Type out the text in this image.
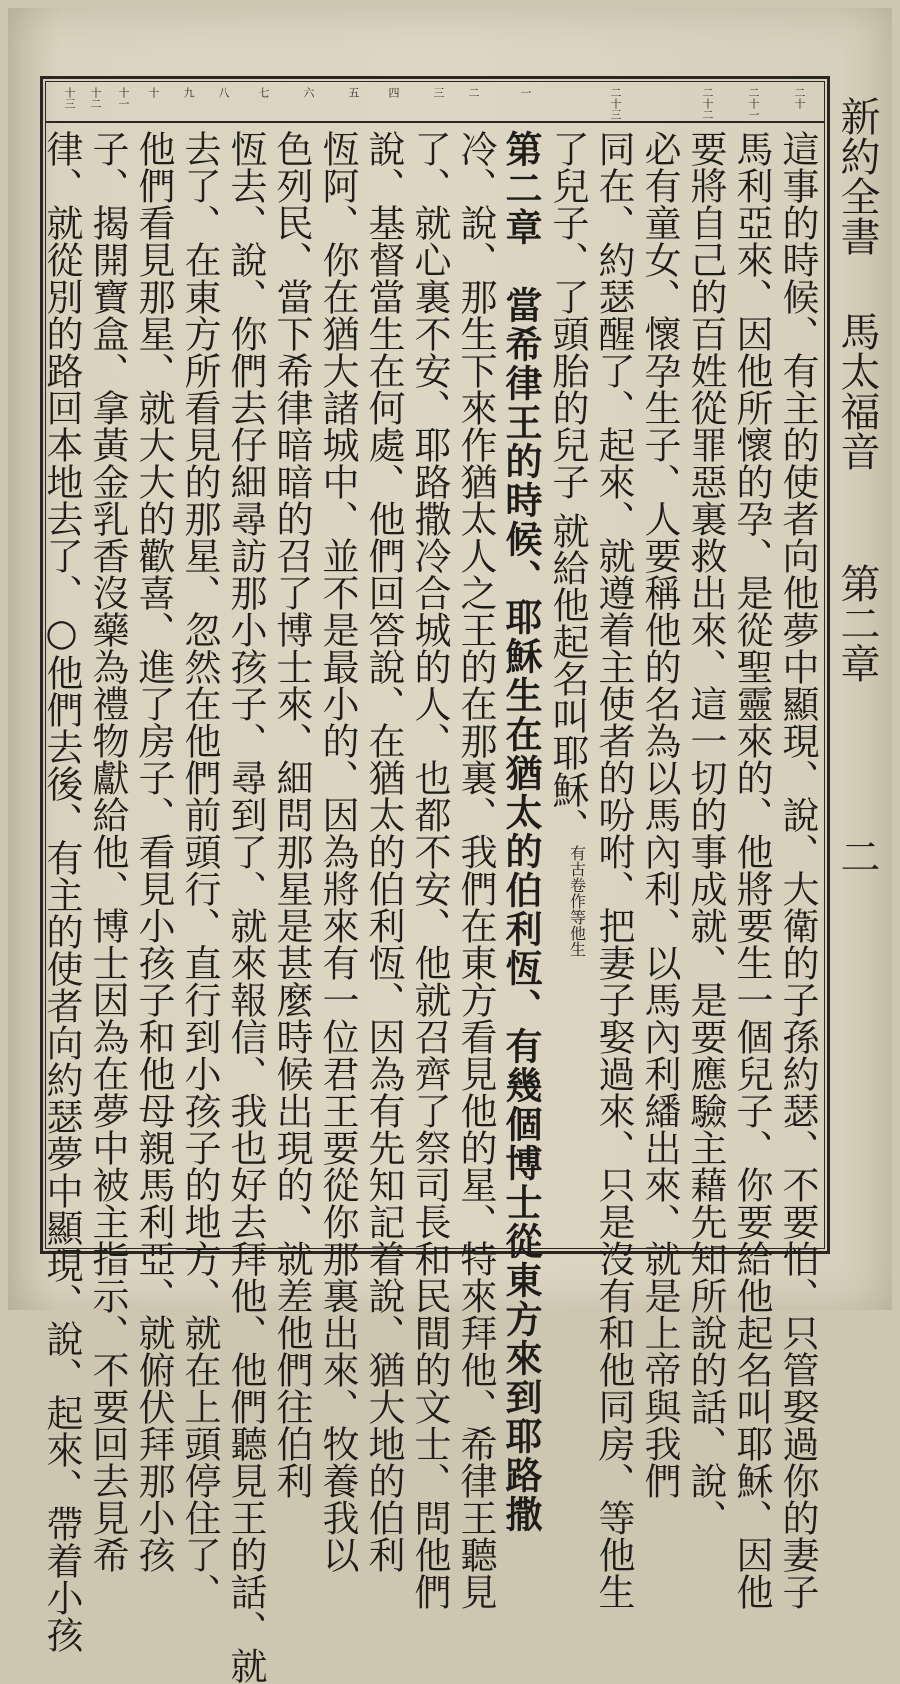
二十
二十一
二十二
二十三
一
二
三
四
五
六
七
八
九
十
十一
十二
十三
這事的時候、有主的使者向他夢中顯現、說、大衛的子孫約瑟、不要怕、只管娶過你的妻子
馬利亞來、因他所懷的孕、是從聖靈來的、他將要生一個兒子、你要給他起名叫耶穌、因他
要將自己的百姓從罪惡裏救出來、這一切的事成就、是要應驗主藉先知所說的話、說、
必有童女、懷孕生子、人要稱他的名為以馬內利、以馬內利繙出來、就是上帝與我們
同在、約瑟醒了、起來、就遵着主使者的吩咐、把妻子娶過來、只是沒有和他同房、等他生
了兒子、了頭胎的兒子 就給他起名叫耶穌、有古卷作等他生
第二章　當希律王的時候、耶穌生在猶太的伯利恆、有幾個博士從東方來到耶路撒
冷、說、那生下來作猶太人之王的在那裏、我們在東方看見他的星、特來拜他、希律王聽見
了、就心裏不安、耶路撒冷合城的人、也都不安、他就召齊了祭司長和民間的文士、問他們
說、基督當生在何處、他們回答說、在猶太的伯利恆、因為有先知記着說、猶大地的伯利
恆阿、你在猶大諸城中、並不是最小的、因為將來有一位君王要從你那裏出來、牧養我以
色列民、當下希律暗暗的召了博士來、細問那星是甚麼時候出現的、就差他們往伯利
恆去、說、你們去仔細尋訪那小孩子、尋到了、就來報信、我也好去拜他、他們聽見王的話、就
去了、在東方所看見的那星、忽然在他們前頭行、直行到小孩子的地方、就在上頭停住了、
他們看見那星、就大大的歡喜、進了房子、看見小孩子和他母親馬利亞、就俯伏拜那小孩
子、揭開寶盒、拿黃金乳香沒藥為禮物獻給他、博士因為在夢中被主指示、不要回去見希
律、就從別的路回本地去了、○他們去後、有主的使者向約瑟夢中顯現、說、起來、帶着小孩	新約全書 馬太福音 第二章 二
